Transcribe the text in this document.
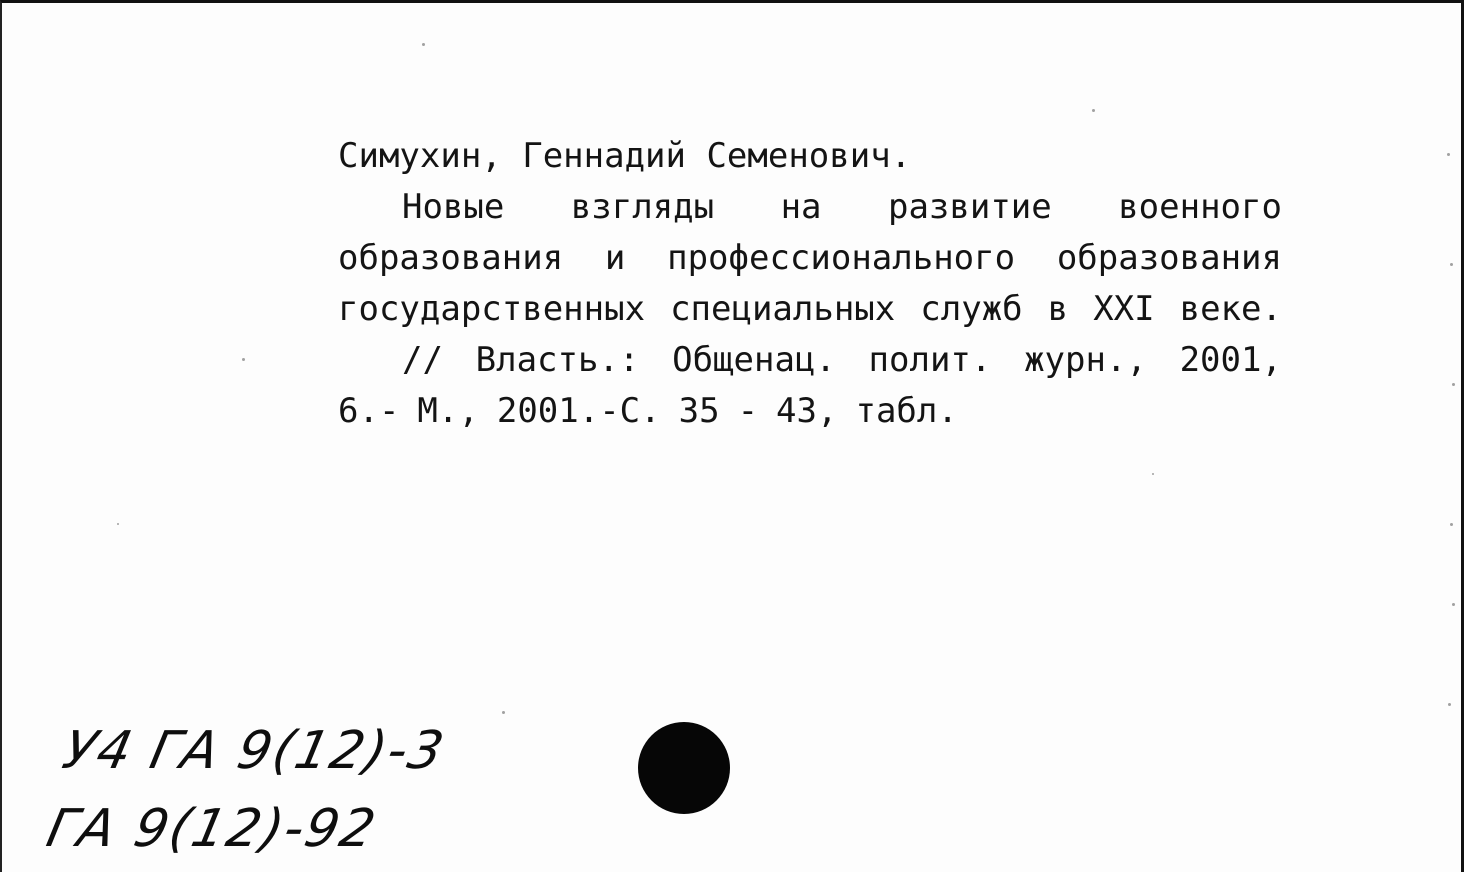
Симухин, Геннадий Семенович.
Новые взгляды на развитие военного
образования и профессионального образования
государственных специальных служб в XXI веке.
// Власть.: Общенац. полит. журн., 2001,
6.- М., 2001.-С. 35 - 43, табл.
У4 ГА 9(12)-3
ГА 9(12)-92
